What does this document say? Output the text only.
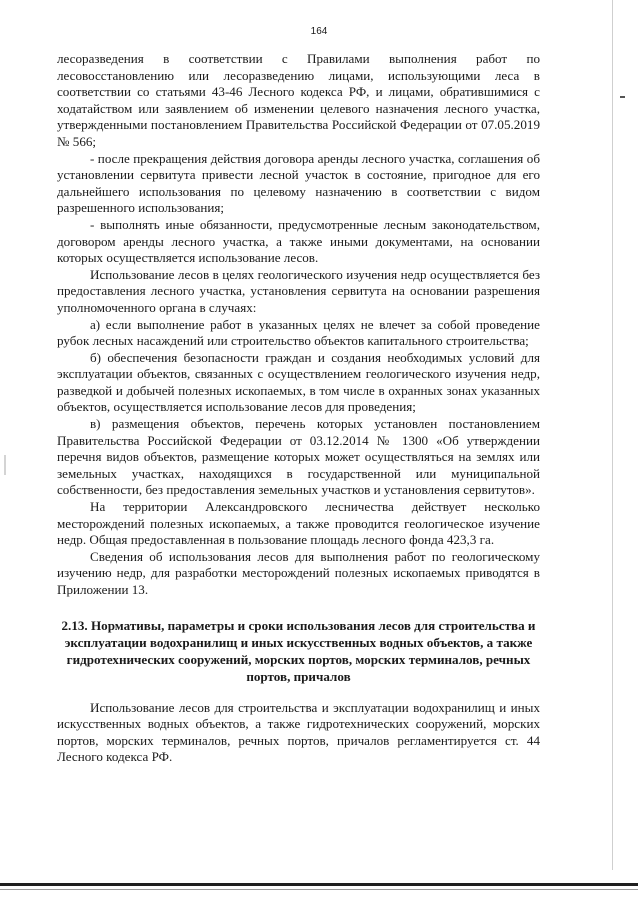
164

лесоразведения в соответствии с Правилами выполнения работ по лесовосстановлению или лесоразведению лицами, использующими леса в соответствии со статьями 43-46 Лесного кодекса РФ, и лицами, обратившимися с ходатайством или заявлением об изменении целевого назначения лесного участка, утвержденными постановлением Правительства Российской Федерации от 07.05.2019 № 566;

- после прекращения действия договора аренды лесного участка, соглашения об установлении сервитута привести лесной участок в состояние, пригодное для его дальнейшего использования по целевому назначению в соответствии с видом разрешенного использования;

- выполнять иные обязанности, предусмотренные лесным законодательством, договором аренды лесного участка, а также иными документами, на основании которых осуществляется использование лесов.

Использование лесов в целях геологического изучения недр осуществляется без предоставления лесного участка, установления сервитута на основании разрешения уполномоченного органа в случаях:

а) если выполнение работ в указанных целях не влечет за собой проведение рубок лесных насаждений или строительство объектов капитального строительства;

б) обеспечения безопасности граждан и создания необходимых условий для эксплуатации объектов, связанных с осуществлением геологического изучения недр, разведкой и добычей полезных ископаемых, в том числе в охранных зонах указанных объектов, осуществляется использование лесов для проведения;

в) размещения объектов, перечень которых установлен постановлением Правительства Российской Федерации от 03.12.2014 № 1300 «Об утверждении перечня видов объектов, размещение которых может осуществляться на землях или земельных участках, находящихся в государственной или муниципальной собственности, без предоставления земельных участков и установления сервитутов».

На территории Александровского лесничества действует несколько месторождений полезных ископаемых, а также проводится геологическое изучение недр. Общая предоставленная в пользование площадь лесного фонда 423,3 га.

Сведения об использования лесов для выполнения работ по геологическому изучению недр, для разработки месторождений полезных ископаемых приводятся в Приложении 13.

2.13. Нормативы, параметры и сроки использования лесов для строительства и эксплуатации водохранилищ и иных искусственных водных объектов, а также гидротехнических сооружений, морских портов, морских терминалов, речных портов, причалов

Использование лесов для строительства и эксплуатации водохранилищ и иных искусственных водных объектов, а также гидротехнических сооружений, морских портов, морских терминалов, речных портов, причалов регламентируется ст. 44 Лесного кодекса РФ.
